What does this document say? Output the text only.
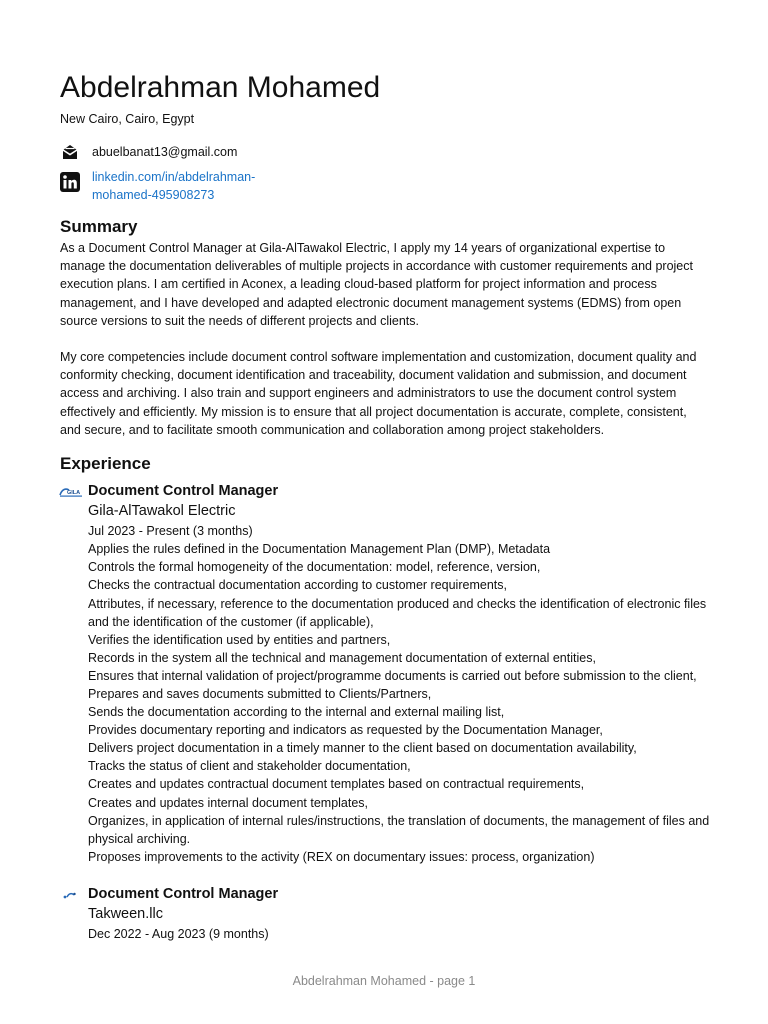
Abdelrahman Mohamed
New Cairo, Cairo, Egypt
abuelbanat13@gmail.com
linkedin.com/in/abdelrahman-
mohamed-495908273
Summary

As a Document Control Manager at Gila-AlTawakol Electric, I apply my 14 years of organizational expertise to manage the documentation deliverables of multiple projects in accordance with customer requirements and project execution plans. I am certified in Aconex, a leading cloud-based platform for project information and process management, and I have developed and adapted electronic document management systems (EDMS) from open source versions to suit the needs of different projects and clients.

My core competencies include document control software implementation and customization, document quality and conformity checking, document identification and traceability, document validation and submission, and document access and archiving. I also train and support engineers and administrators to use the document control system effectively and efficiently. My mission is to ensure that all project documentation is accurate, complete, consistent, and secure, and to facilitate smooth communication and collaboration among project stakeholders.

Experience
GILA Document Control Manager
Gila-AlTawakol Electric
Jul 2023 - Present (3 months)
Applies the rules defined in the Documentation Management Plan (DMP), Metadata
Controls the formal homogeneity of the documentation: model, reference, version,
Checks the contractual documentation according to customer requirements,
Attributes, if necessary, reference to the documentation produced and checks the identification of electronic files and the identification of the customer (if applicable),
Verifies the identification used by entities and partners,
Records in the system all the technical and management documentation of external entities,
Ensures that internal validation of project/programme documents is carried out before submission to the client,
Prepares and saves documents submitted to Clients/Partners,
Sends the documentation according to the internal and external mailing list,
Provides documentary reporting and indicators as requested by the Documentation Manager,
Delivers project documentation in a timely manner to the client based on documentation availability,
Tracks the status of client and stakeholder documentation,
Creates and updates contractual document templates based on contractual requirements,
Creates and updates internal document templates,
Organizes, in application of internal rules/instructions, the translation of documents, the management of files and physical archiving.
Proposes improvements to the activity (REX on documentary issues: process, organization)
Document Control Manager
Takween.llc
Dec 2022 - Aug 2023 (9 months)
Abdelrahman Mohamed - page 1
